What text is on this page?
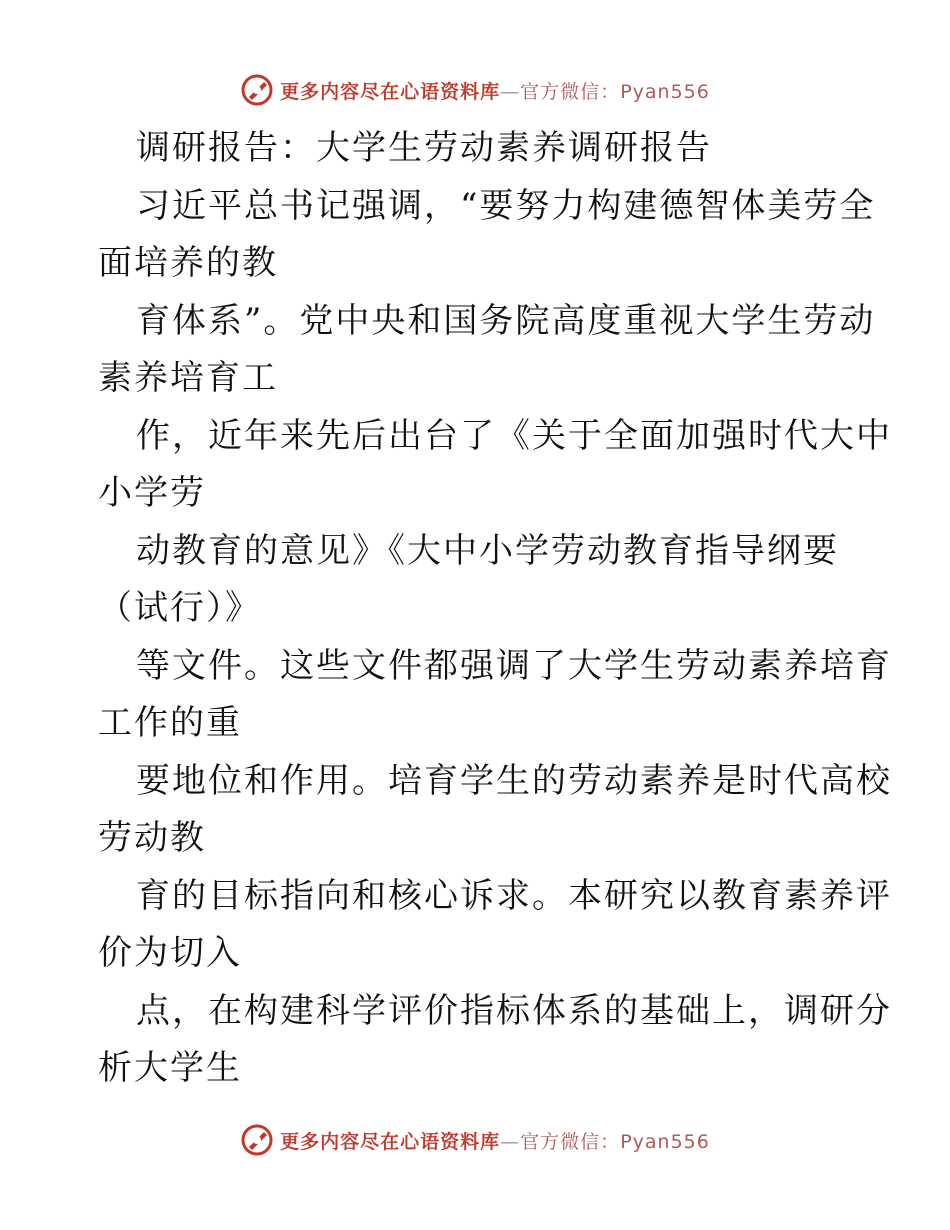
更多内容尽在心语资料库—官方微信：Pyan556
调研报告：大学生劳动素养调研报告
习近平总书记强调，“要努力构建德智体美劳全
面培养的教
育体系”。党中央和国务院高度重视大学生劳动
素养培育工
作，近年来先后出台了《关于全面加强时代大中
小学劳
动教育的意见》《大中小学劳动教育指导纲要
（试行）》
等文件。这些文件都强调了大学生劳动素养培育
工作的重
要地位和作用。培育学生的劳动素养是时代高校
劳动教
育的目标指向和核心诉求。本研究以教育素养评
价为切入
点，在构建科学评价指标体系的基础上，调研分
析大学生
更多内容尽在心语资料库—官方微信：Pyan556
